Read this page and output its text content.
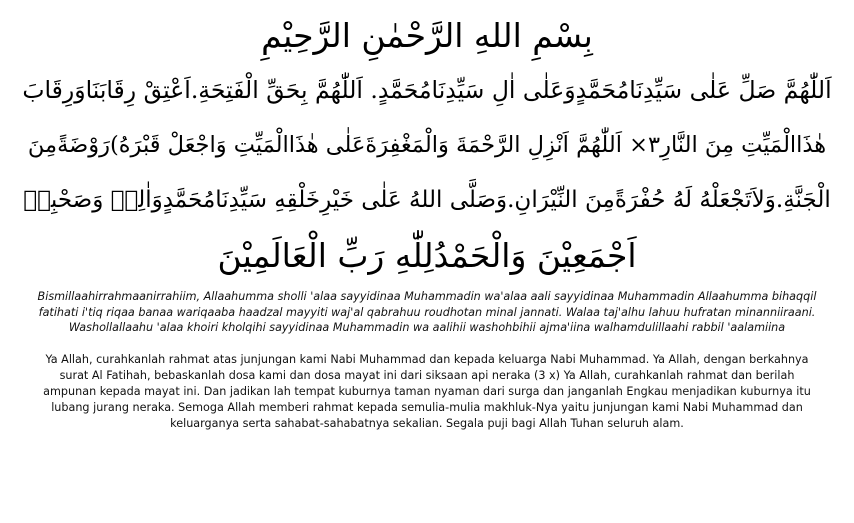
بِسْمِ اللهِ الرَّحْمٰنِ الرَّحِيْمِ
اَللّٰهُمَّ صَلِّ عَلٰى سَيِّدِنَامُحَمَّدٍوَعَلٰى اٰلِ سَيِّدِنَامُحَمَّدٍ. اَللّٰهُمَّ بِحَقِّ الْفَتِحَةِ.اَعْتِقْ رِقَابَنَاوَرِقَابَ
هٰذَاالْمَيِّتِ مِنَ النَّارِ٣× اَللّٰهُمَّ اَنْزِلِ الرَّحْمَةَ وَالْمَغْفِرَةَعَلٰى هٰذَاالْمَيِّتِ وَاجْعَلْ قَبْرَهُ)رَوْضَةًمِنَ
الْجَنَّةِ.وَلاَتَجْعَلْهُ لَهُ حُفْرَةًمِنَ النِّيْرَانِ.وَصَلَّى اللهُ عَلٰى خَيْرِخَلْقِهِ سَيِّدِنَامُحَمَّدٍوَاٰلِهٖ وَصَحْبِهٖ
اَجْمَعِيْنَ وَالْحَمْدُلِلّٰهِ رَبِّ الْعَالَمِيْنَ

Bismillaahirrahmaanirrahiim, Allaahumma sholli 'alaa sayyidinaa Muhammadin wa'alaa aali sayyidinaa Muhammadin Allaahumma bihaqqil fatihati i'tiq riqaa banaa wariqaaba haadzal mayyiti waj'al qabrahuu roudhotan minal jannati. Walaa taj'alhu lahuu hufratan minanniiraani. Washollallaahu 'alaa khoiri kholqihi sayyidinaa Muhammadin wa aalihii washohbihii ajma'iina walhamdulillaahi rabbil 'aalamiina

Ya Allah, curahkanlah rahmat atas junjungan kami Nabi Muhammad dan kepada keluarga Nabi Muhammad. Ya Allah, dengan berkahnya surat Al Fatihah, bebaskanlah dosa kami dan dosa mayat ini dari siksaan api neraka (3 x) Ya Allah, curahkanlah rahmat dan berilah ampunan kepada mayat ini. Dan jadikan lah tempat kuburnya taman nyaman dari surga dan janganlah Engkau menjadikan kuburnya itu lubang jurang neraka. Semoga Allah memberi rahmat kepada semulia-mulia makhluk-Nya yaitu junjungan kami Nabi Muhammad dan keluarganya serta sahabat-sahabatnya sekalian. Segala puji bagi Allah Tuhan seluruh alam.
